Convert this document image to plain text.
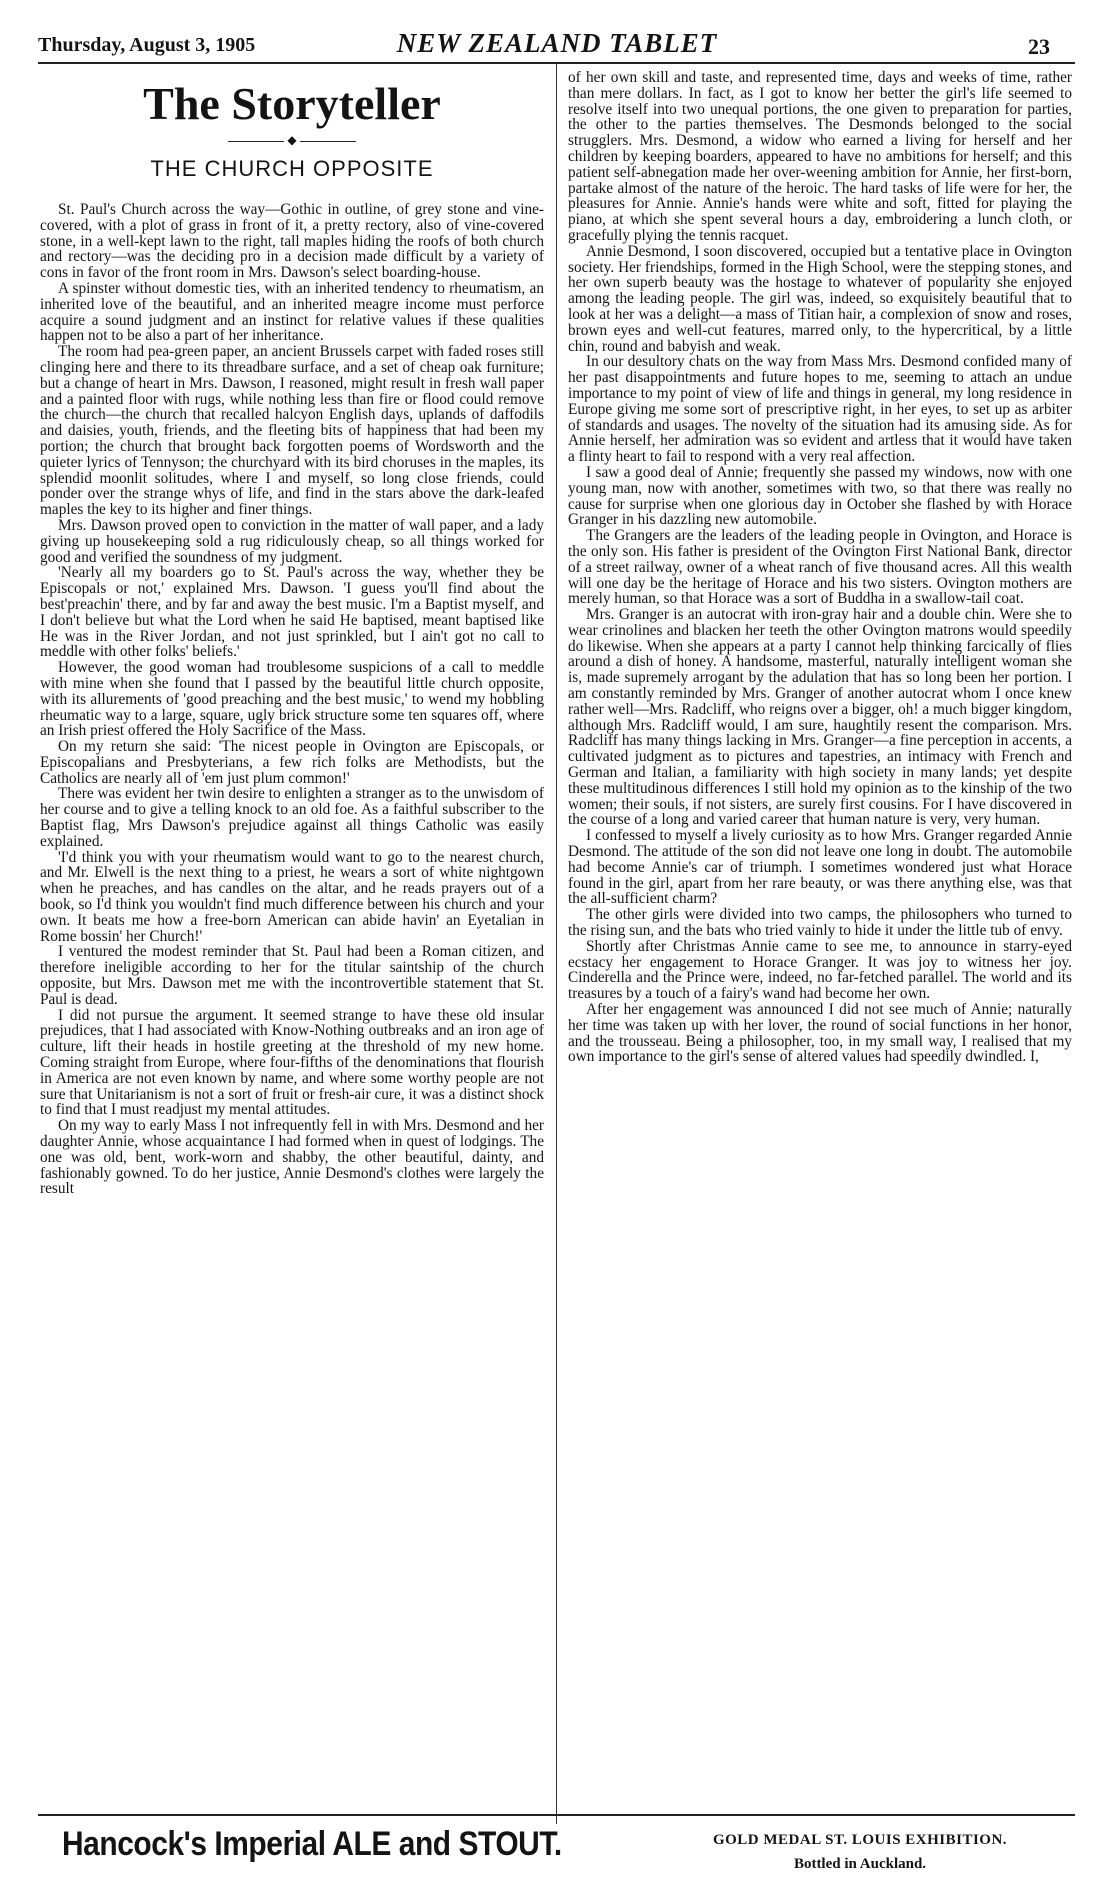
Thursday, August 3, 1905	NEW ZEALAND TABLET	23
The Storyteller
◆
THE CHURCH OPPOSITE

St. Paul's Church across the way—Gothic in outline, of grey stone and vine-covered, with a plot of grass in front of it, a pretty rectory, also of vine-covered stone, in a well-kept lawn to the right, tall maples hiding the roofs of both church and rectory—was the deciding pro in a decision made difficult by a variety of cons in favor of the front room in Mrs. Dawson's select boarding-house.

A spinster without domestic ties, with an inherited tendency to rheumatism, an inherited love of the beautiful, and an inherited meagre income must perforce acquire a sound judgment and an instinct for relative values if these qualities happen not to be also a part of her inheritance.

The room had pea-green paper, an ancient Brussels carpet with faded roses still clinging here and there to its threadbare surface, and a set of cheap oak furniture; but a change of heart in Mrs. Dawson, I reasoned, might result in fresh wall paper and a painted floor with rugs, while nothing less than fire or flood could remove the church—the church that recalled halcyon English days, uplands of daffodils and daisies, youth, friends, and the fleeting bits of happiness that had been my portion; the church that brought back forgotten poems of Wordsworth and the quieter lyrics of Tennyson; the churchyard with its bird choruses in the maples, its splendid moonlit solitudes, where I and myself, so long close friends, could ponder over the strange whys of life, and find in the stars above the dark-leafed maples the key to its higher and finer things.

Mrs. Dawson proved open to conviction in the matter of wall paper, and a lady giving up housekeeping sold a rug ridiculously cheap, so all things worked for good and verified the soundness of my judgment.

'Nearly all my boarders go to St. Paul's across the way, whether they be Episcopals or not,' explained Mrs. Dawson. 'I guess you'll find about the best'preachin' there, and by far and away the best music. I'm a Baptist myself, and I don't believe but what the Lord when he said He baptised, meant baptised like He was in the River Jordan, and not just sprinkled, but I ain't got no call to meddle with other folks' beliefs.'

However, the good woman had troublesome suspicions of a call to meddle with mine when she found that I passed by the beautiful little church opposite, with its allurements of 'good preaching and the best music,' to wend my hobbling rheumatic way to a large, square, ugly brick structure some ten squares off, where an Irish priest offered the Holy Sacrifice of the Mass.

On my return she said: 'The nicest people in Ovington are Episcopals, or Episcopalians and Presbyterians, a few rich folks are Methodists, but the Catholics are nearly all of 'em just plum common!'

There was evident her twin desire to enlighten a stranger as to the unwisdom of her course and to give a telling knock to an old foe. As a faithful subscriber to the Baptist flag, Mrs Dawson's prejudice against all things Catholic was easily explained.

'I'd think you with your rheumatism would want to go to the nearest church, and Mr. Elwell is the next thing to a priest, he wears a sort of white nightgown when he preaches, and has candles on the altar, and he reads prayers out of a book, so I'd think you wouldn't find much difference between his church and your own. It beats me how a free-born American can abide havin' an Eyetalian in Rome bossin' her Church!'

I ventured the modest reminder that St. Paul had been a Roman citizen, and therefore ineligible according to her for the titular saintship of the church opposite, but Mrs. Dawson met me with the incontrovertible statement that St. Paul is dead.

I did not pursue the argument. It seemed strange to have these old insular prejudices, that I had associated with Know-Nothing outbreaks and an iron age of culture, lift their heads in hostile greeting at the threshold of my new home. Coming straight from Europe, where four-fifths of the denominations that flourish in America are not even known by name, and where some worthy people are not sure that Unitarianism is not a sort of fruit or fresh-air cure, it was a distinct shock to find that I must readjust my mental attitudes.

On my way to early Mass I not infrequently fell in with Mrs. Desmond and her daughter Annie, whose acquaintance I had formed when in quest of lodgings. The one was old, bent, work-worn and shabby, the other beautiful, dainty, and fashionably gowned. To do her justice, Annie Desmond's clothes were largely the result

of her own skill and taste, and represented time, days and weeks of time, rather than mere dollars. In fact, as I got to know her better the girl's life seemed to resolve itself into two unequal portions, the one given to preparation for parties, the other to the parties themselves. The Desmonds belonged to the social strugglers. Mrs. Desmond, a widow who earned a living for herself and her children by keeping boarders, appeared to have no ambitions for herself; and this patient self-abnegation made her over-weening ambition for Annie, her first-born, partake almost of the nature of the heroic. The hard tasks of life were for her, the pleasures for Annie. Annie's hands were white and soft, fitted for playing the piano, at which she spent several hours a day, embroidering a lunch cloth, or gracefully plying the tennis racquet.

Annie Desmond, I soon discovered, occupied but a tentative place in Ovington society. Her friendships, formed in the High School, were the stepping stones, and her own superb beauty was the hostage to whatever of popularity she enjoyed among the leading people. The girl was, indeed, so exquisitely beautiful that to look at her was a delight—a mass of Titian hair, a complexion of snow and roses, brown eyes and well-cut features, marred only, to the hypercritical, by a little chin, round and babyish and weak.

In our desultory chats on the way from Mass Mrs. Desmond confided many of her past disappointments and future hopes to me, seeming to attach an undue importance to my point of view of life and things in general, my long residence in Europe giving me some sort of prescriptive right, in her eyes, to set up as arbiter of standards and usages. The novelty of the situation had its amusing side. As for Annie herself, her admiration was so evident and artless that it would have taken a flinty heart to fail to respond with a very real affection.

I saw a good deal of Annie; frequently she passed my windows, now with one young man, now with another, sometimes with two, so that there was really no cause for surprise when one glorious day in October she flashed by with Horace Granger in his dazzling new automobile.

The Grangers are the leaders of the leading people in Ovington, and Horace is the only son. His father is president of the Ovington First National Bank, director of a street railway, owner of a wheat ranch of five thousand acres. All this wealth will one day be the heritage of Horace and his two sisters. Ovington mothers are merely human, so that Horace was a sort of Buddha in a swallow-tail coat.

Mrs. Granger is an autocrat with iron-gray hair and a double chin. Were she to wear crinolines and blacken her teeth the other Ovington matrons would speedily do likewise. When she appears at a party I cannot help thinking farcically of flies around a dish of honey. A handsome, masterful, naturally intelligent woman she is, made supremely arrogant by the adulation that has so long been her portion. I am constantly reminded by Mrs. Granger of another autocrat whom I once knew rather well—Mrs. Radcliff, who reigns over a bigger, oh! a much bigger kingdom, although Mrs. Radcliff would, I am sure, haughtily resent the comparison. Mrs. Radcliff has many things lacking in Mrs. Granger—a fine perception in accents, a cultivated judgment as to pictures and tapestries, an intimacy with French and German and Italian, a familiarity with high society in many lands; yet despite these multitudinous differences I still hold my opinion as to the kinship of the two women; their souls, if not sisters, are surely first cousins. For I have discovered in the course of a long and varied career that human nature is very, very human.

I confessed to myself a lively curiosity as to how Mrs. Granger regarded Annie Desmond. The attitude of the son did not leave one long in doubt. The automobile had become Annie's car of triumph. I sometimes wondered just what Horace found in the girl, apart from her rare beauty, or was there anything else, was that the all-sufficient charm?

The other girls were divided into two camps, the philosophers who turned to the rising sun, and the bats who tried vainly to hide it under the little tub of envy.

Shortly after Christmas Annie came to see me, to announce in starry-eyed ecstacy her engagement to Horace Granger. It was joy to witness her joy. Cinderella and the Prince were, indeed, no far-fetched parallel. The world and its treasures by a touch of a fairy's wand had become her own.

After her engagement was announced I did not see much of Annie; naturally her time was taken up with her lover, the round of social functions in her honor, and the trousseau. Being a philosopher, too, in my small way, I realised that my own importance to the girl's sense of altered values had speedily dwindled. I,

Hancock's Imperial ALE and STOUT.	GOLD MEDAL ST. LOUIS EXHIBITION.
Bottled in Auckland.
